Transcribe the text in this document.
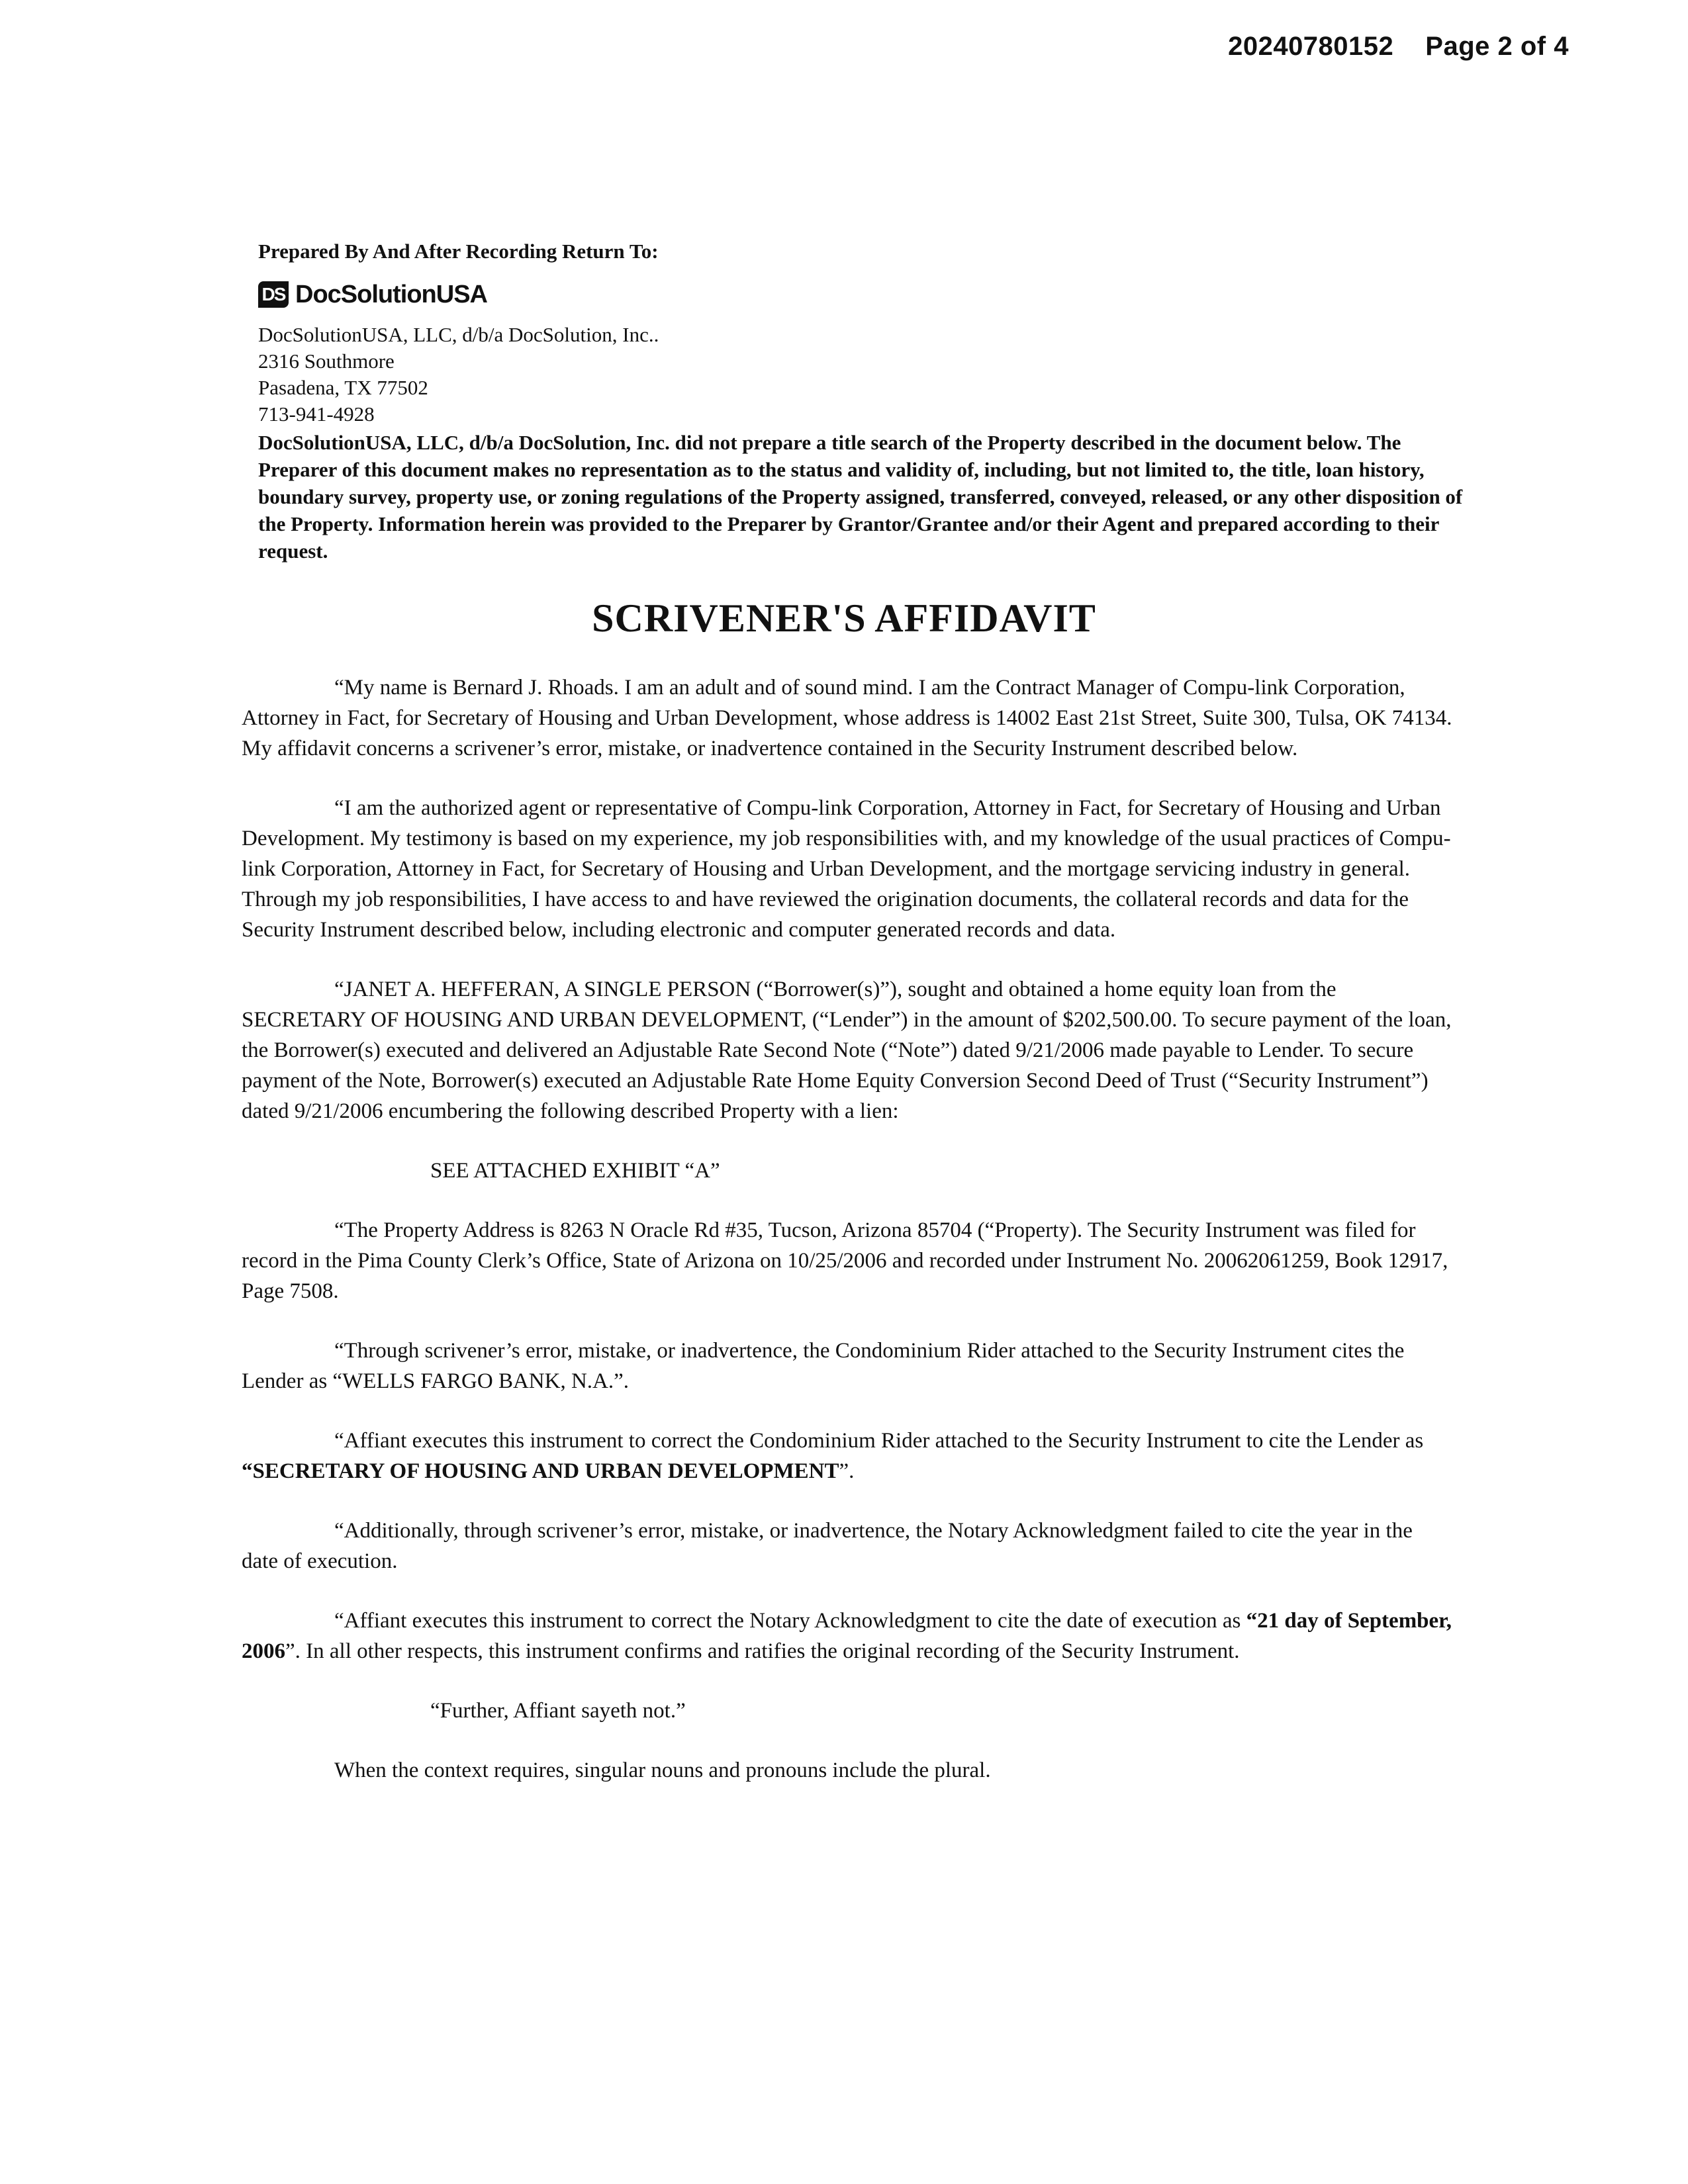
20240780152 Page 2 of 4
Prepared By And After Recording Return To:
DS DocSolutionUSA
DocSolutionUSA, LLC, d/b/a DocSolution, Inc..
2316 Southmore
Pasadena, TX 77502
713-941-4928
DocSolutionUSA, LLC, d/b/a DocSolution, Inc. did not prepare a title search of the Property described in the document below. The Preparer of this document makes no representation as to the status and validity of, including, but not limited to, the title, loan history, boundary survey, property use, or zoning regulations of the Property assigned, transferred, conveyed, released, or any other disposition of the Property. Information herein was provided to the Preparer by Grantor/Grantee and/or their Agent and prepared according to their request.
SCRIVENER'S AFFIDAVIT

“My name is Bernard J. Rhoads. I am an adult and of sound mind. I am the Contract Manager of Compu-link Corporation, Attorney in Fact, for Secretary of Housing and Urban Development, whose address is 14002 East 21st Street, Suite 300, Tulsa, OK 74134. My affidavit concerns a scrivener’s error, mistake, or inadvertence contained in the Security Instrument described below.

“I am the authorized agent or representative of Compu-link Corporation, Attorney in Fact, for Secretary of Housing and Urban Development. My testimony is based on my experience, my job responsibilities with, and my knowledge of the usual practices of Compu-link Corporation, Attorney in Fact, for Secretary of Housing and Urban Development, and the mortgage servicing industry in general. Through my job responsibilities, I have access to and have reviewed the origination documents, the collateral records and data for the Security Instrument described below, including electronic and computer generated records and data.

“JANET A. HEFFERAN, A SINGLE PERSON (“Borrower(s)”), sought and obtained a home equity loan from the SECRETARY OF HOUSING AND URBAN DEVELOPMENT, (“Lender”) in the amount of $202,500.00. To secure payment of the loan, the Borrower(s) executed and delivered an Adjustable Rate Second Note (“Note”) dated 9/21/2006 made payable to Lender. To secure payment of the Note, Borrower(s) executed an Adjustable Rate Home Equity Conversion Second Deed of Trust (“Security Instrument”) dated 9/21/2006 encumbering the following described Property with a lien:

SEE ATTACHED EXHIBIT “A”

“The Property Address is 8263 N Oracle Rd #35, Tucson, Arizona 85704 (“Property). The Security Instrument was filed for record in the Pima County Clerk’s Office, State of Arizona on 10/25/2006 and recorded under Instrument No. 20062061259, Book 12917, Page 7508.

“Through scrivener’s error, mistake, or inadvertence, the Condominium Rider attached to the Security Instrument cites the Lender as “WELLS FARGO BANK, N.A.”.

“Affiant executes this instrument to correct the Condominium Rider attached to the Security Instrument to cite the Lender as “SECRETARY OF HOUSING AND URBAN DEVELOPMENT”.

“Additionally, through scrivener’s error, mistake, or inadvertence, the Notary Acknowledgment failed to cite the year in the date of execution.

“Affiant executes this instrument to correct the Notary Acknowledgment to cite the date of execution as “21 day of September, 2006”. In all other respects, this instrument confirms and ratifies the original recording of the Security Instrument.

“Further, Affiant sayeth not.”

When the context requires, singular nouns and pronouns include the plural.
